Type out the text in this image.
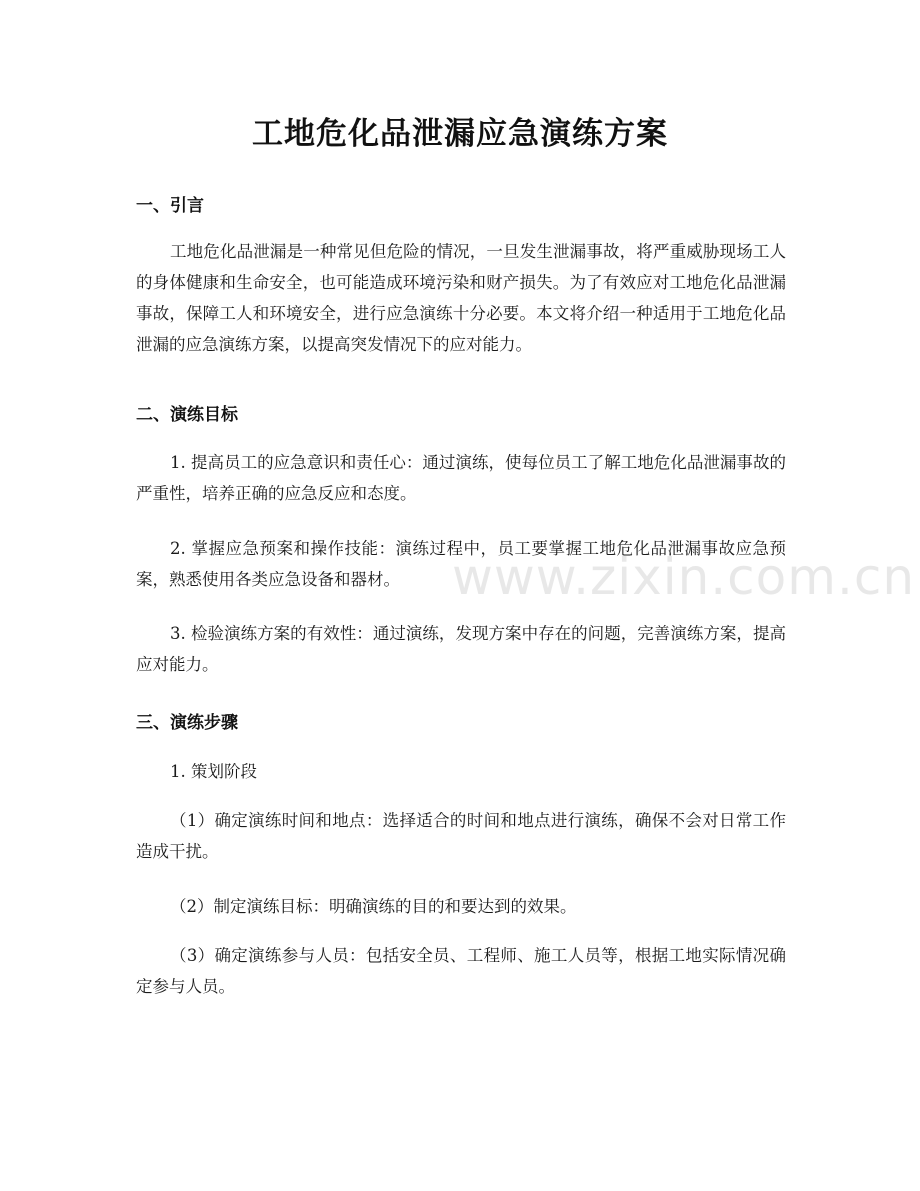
工地危化品泄漏应急演练方案
一、引言

工地危化品泄漏是一种常见但危险的情况，一旦发生泄漏事故，将严重威胁现场工人的身体健康和生命安全，也可能造成环境污染和财产损失。为了有效应对工地危化品泄漏事故，保障工人和环境安全，进行应急演练十分必要。本文将介绍一种适用于工地危化品泄漏的应急演练方案，以提高突发情况下的应对能力。

二、演练目标

1. 提高员工的应急意识和责任心：通过演练，使每位员工了解工地危化品泄漏事故的严重性，培养正确的应急反应和态度。

2. 掌握应急预案和操作技能：演练过程中，员工要掌握工地危化品泄漏事故应急预案，熟悉使用各类应急设备和器材。

3. 检验演练方案的有效性：通过演练，发现方案中存在的问题，完善演练方案，提高应对能力。

三、演练步骤

1. 策划阶段

（1）确定演练时间和地点：选择适合的时间和地点进行演练，确保不会对日常工作造成干扰。

（2）制定演练目标：明确演练的目的和要达到的效果。

（3）确定演练参与人员：包括安全员、工程师、施工人员等，根据工地实际情况确定参与人员。

www.zixin.com.cn
